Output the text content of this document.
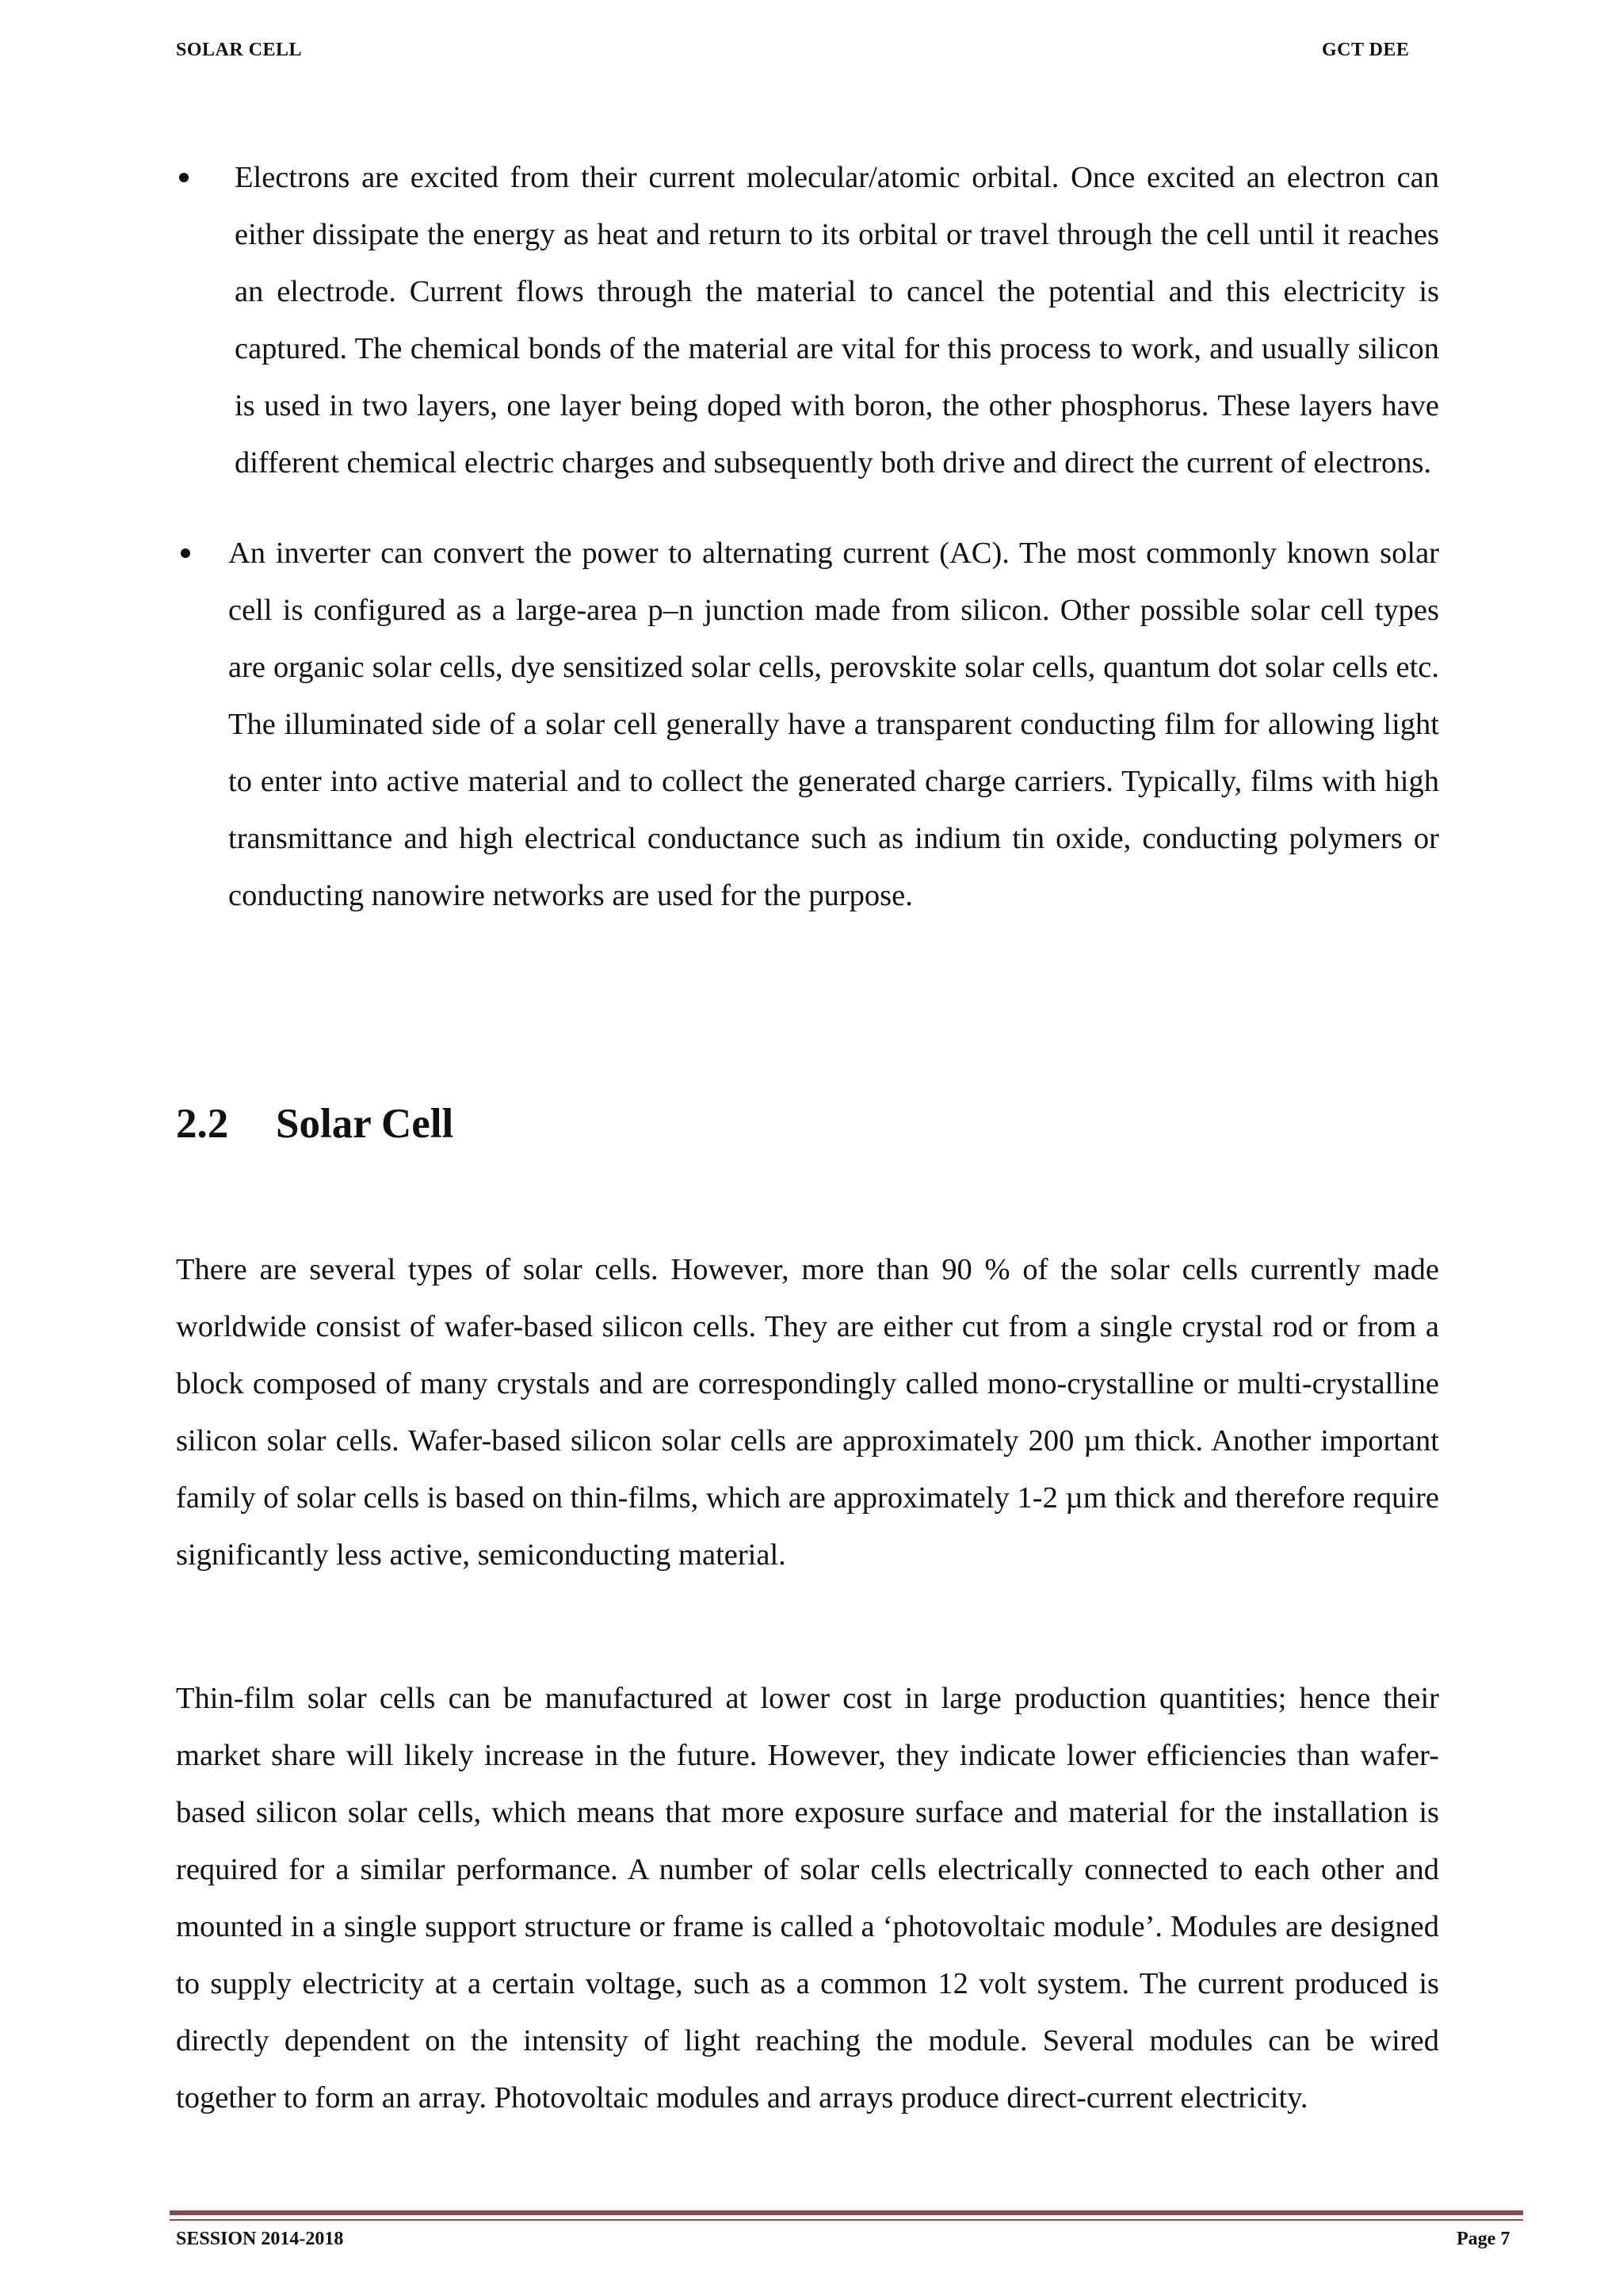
SOLAR CELL	GCT DEE
Electrons are excited from their current molecular/atomic orbital. Once excited an electron can either dissipate the energy as heat and return to its orbital or travel through the cell until it reaches an electrode. Current flows through the material to cancel the potential and this electricity is captured. The chemical bonds of the material are vital for this process to work, and usually silicon is used in two layers, one layer being doped with boron, the other phosphorus. These layers have different chemical electric charges and subsequently both drive and direct the current of electrons.
An inverter can convert the power to alternating current (AC). The most commonly known solar cell is configured as a large-area p–n junction made from silicon. Other possible solar cell types are organic solar cells, dye sensitized solar cells, perovskite solar cells, quantum dot solar cells etc. The illuminated side of a solar cell generally have a transparent conducting film for allowing light to enter into active material and to collect the generated charge carriers. Typically, films with high transmittance and high electrical conductance such as indium tin oxide, conducting polymers or conducting nanowire networks are used for the purpose.
2.2 Solar Cell

There are several types of solar cells. However, more than 90 % of the solar cells currently made worldwide consist of wafer-based silicon cells. They are either cut from a single crystal rod or from a block composed of many crystals and are correspondingly called mono-crystalline or multi-crystalline silicon solar cells. Wafer-based silicon solar cells are approximately 200 µm thick. Another important family of solar cells is based on thin-films, which are approximately 1-2 µm thick and therefore require significantly less active, semiconducting material.

Thin-film solar cells can be manufactured at lower cost in large production quantities; hence their market share will likely increase in the future. However, they indicate lower efficiencies than wafer-based silicon solar cells, which means that more exposure surface and material for the installation is required for a similar performance. A number of solar cells electrically connected to each other and mounted in a single support structure or frame is called a ‘photovoltaic module’. Modules are designed to supply electricity at a certain voltage, such as a common 12 volt system. The current produced is directly dependent on the intensity of light reaching the module. Several modules can be wired together to form an array. Photovoltaic modules and arrays produce direct-current electricity.

SESSION 2014-2018	Page 7
